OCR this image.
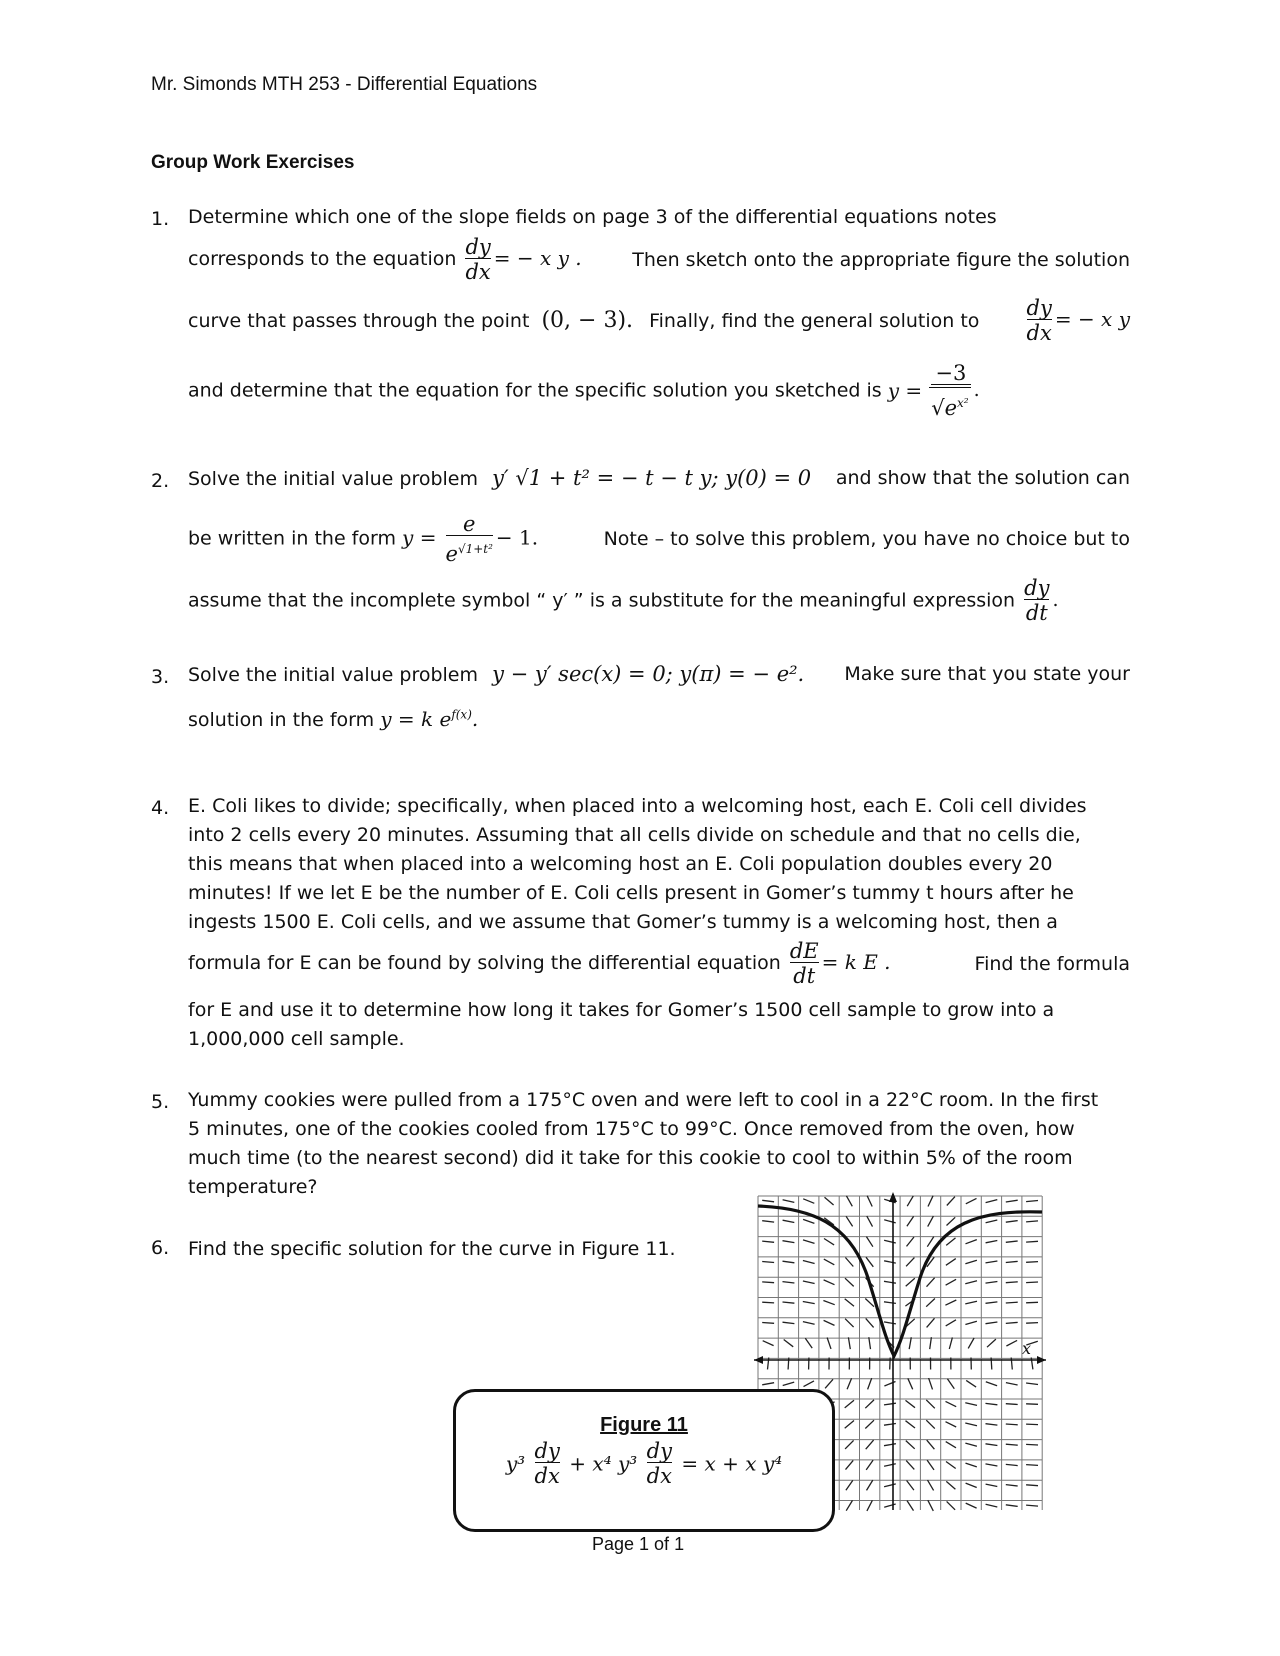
Mr. Simonds MTH 253 - Differential Equations
Group Work Exercises
1. Determine which one of the slope fields on page 3 of the differential equations notes
corresponds to the equation $\frac{dy}{dx}$ = − x y .	Then sketch onto the appropriate figure the solution
curve that passes through the point (0, − 3). Finally, find the general solution to $\frac{dy}{dx}$ = − x y
and determine that the equation for the specific solution you sketched is $y = \frac{-3}{√e^{x^2}}$ .
2. Solve the initial value problem y′ √1 + t² = − t − t y; y(0) = 0 and show that the solution can
be written in the form $y = \frac{e}{e^{√1+t^2}} - 1$.	Note – to solve this problem, you have no choice but to
assume that the incomplete symbol “ y′ ” is a substitute for the meaningful expression $\frac{dy}{dt}$ .
3. Solve the initial value problem y − y′ sec(x) = 0; y(π) = − e². Make sure that you state your
solution in the form y = k $e^{f(x)}$.
4. E. Coli likes to divide; specifically, when placed into a welcoming host, each E. Coli cell divides
into 2 cells every 20 minutes. Assuming that all cells divide on schedule and that no cells die,
this means that when placed into a welcoming host an E. Coli population doubles every 20
minutes! If we let E be the number of E. Coli cells present in Gomer’s tummy t hours after he
ingests 1500 E. Coli cells, and we assume that Gomer’s tummy is a welcoming host, then a
formula for E can be found by solving the differential equation $\frac{dE}{dt} = k$ E .	Find the formula
for E and use it to determine how long it takes for Gomer’s 1500 cell sample to grow into a
1,000,000 cell sample.
5. Yummy cookies were pulled from a 175°C oven and were left to cool in a 22°C room. In the first
5 minutes, one of the cookies cooled from 175°C to 99°C. Once removed from the oven, how
much time (to the nearest second) did it take for this cookie to cool to within 5% of the room
temperature?
6. Find the specific solution for the curve in Figure 11.
x
Figure 11
$y^3 \frac{dy}{dx} + x^4$ $y^3 \frac{dy}{dx} = x + x$ y⁴
Page 1 of 1
